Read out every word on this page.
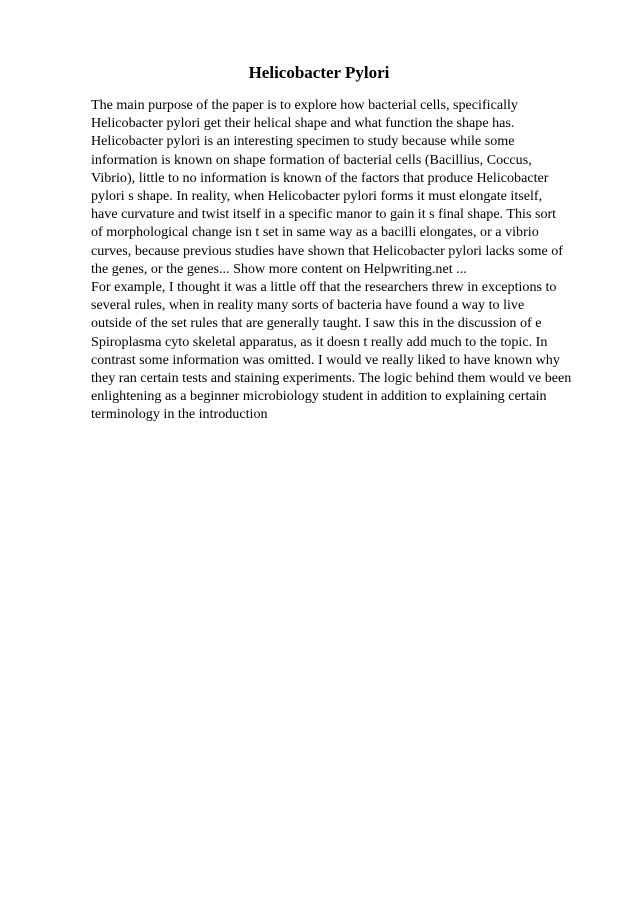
Helicobacter Pylori
The main purpose of the paper is to explore how bacterial cells, specifically
Helicobacter pylori get their helical shape and what function the shape has.
Helicobacter pylori is an interesting specimen to study because while some
information is known on shape formation of bacterial cells (Bacillius, Coccus,
Vibrio), little to no information is known of the factors that produce Helicobacter
pylori s shape. In reality, when Helicobacter pylori forms it must elongate itself,
have curvature and twist itself in a specific manor to gain it s final shape. This sort
of morphological change isn t set in same way as a bacilli elongates, or a vibrio
curves, because previous studies have shown that Helicobacter pylori lacks some of
the genes, or the genes... Show more content on Helpwriting.net ...
For example, I thought it was a little off that the researchers threw in exceptions to
several rules, when in reality many sorts of bacteria have found a way to live
outside of the set rules that are generally taught. I saw this in the discussion of e
Spiroplasma cyto skeletal apparatus, as it doesn t really add much to the topic. In
contrast some information was omitted. I would ve really liked to have known why
they ran certain tests and staining experiments. The logic behind them would ve been
enlightening as a beginner microbiology student in addition to explaining certain
terminology in the introduction
